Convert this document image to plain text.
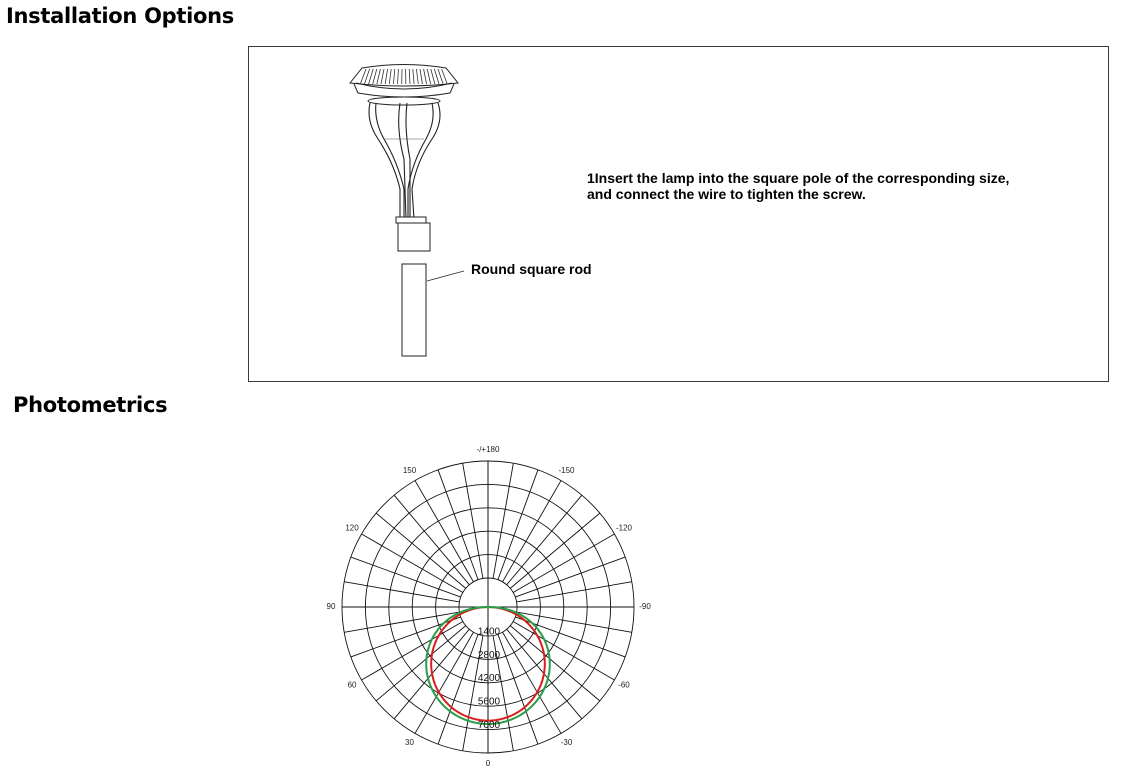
Installation Options

1Insert the lamp into the square pole of the corresponding size,
and connect the wire to tighten the screw.

Round square rod
Photometrics
-/+180
150
120
90
60
30
0
-30
-60
-90
-120
-150
1400
2800
4200
5600
7000
